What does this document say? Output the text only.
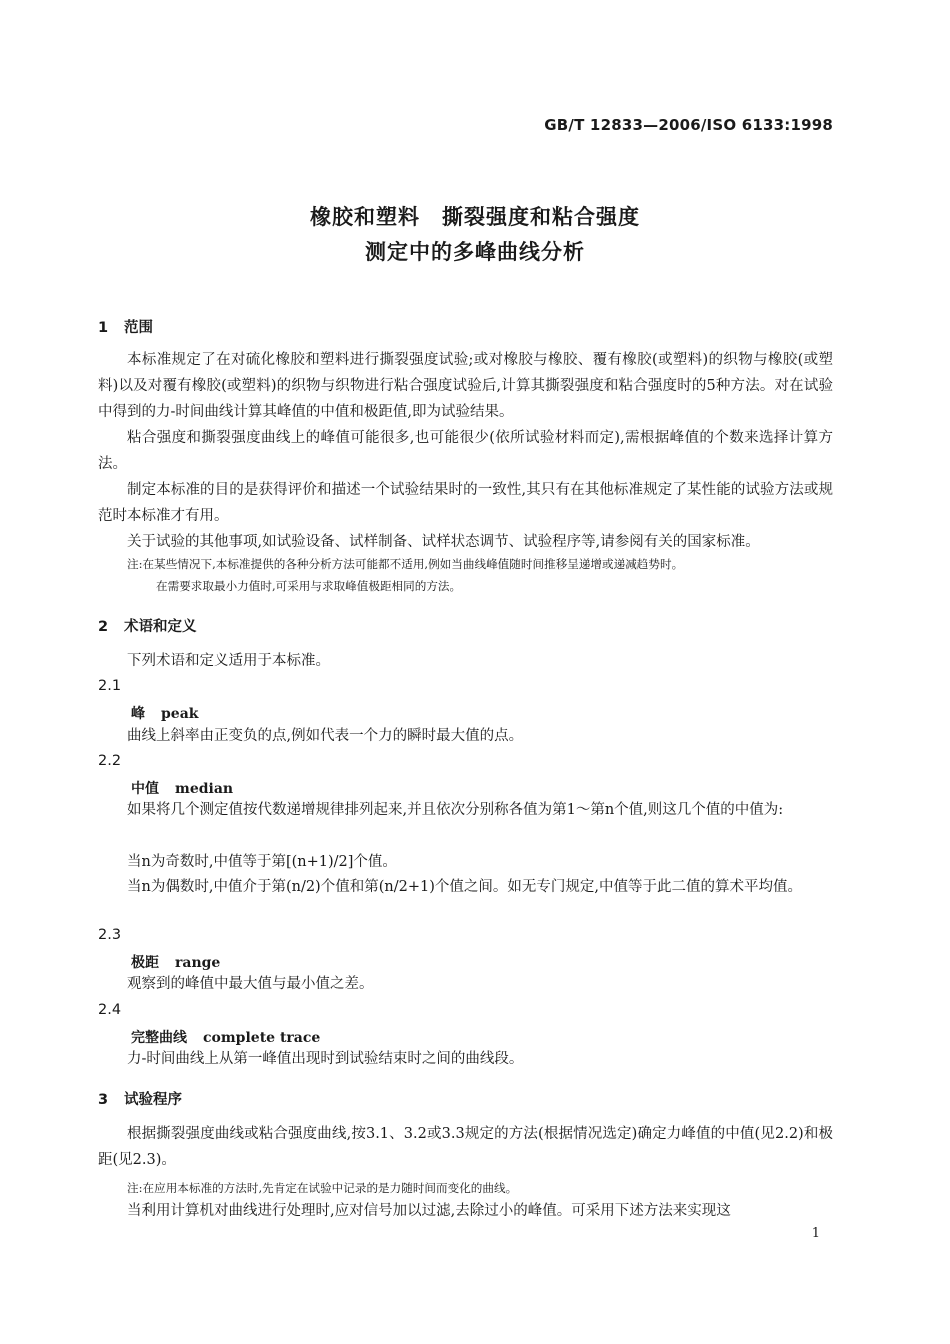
GB/T 12833—2006/ISO 6133:1998
橡胶和塑料　撕裂强度和粘合强度
测定中的多峰曲线分析
1 范围

本标准规定了在对硫化橡胶和塑料进行撕裂强度试验;或对橡胶与橡胶、覆有橡胶(或塑料)的织物与橡胶(或塑料)以及对覆有橡胶(或塑料)的织物与织物进行粘合强度试验后,计算其撕裂强度和粘合强度时的5种方法。对在试验中得到的力-时间曲线计算其峰值的中值和极距值,即为试验结果。

粘合强度和撕裂强度曲线上的峰值可能很多,也可能很少(依所试验材料而定),需根据峰值的个数来选择计算方法。

制定本标准的目的是获得评价和描述一个试验结果时的一致性,其只有在其他标准规定了某性能的试验方法或规范时本标准才有用。

关于试验的其他事项,如试验设备、试样制备、试样状态调节、试验程序等,请参阅有关的国家标准。

注:在某些情况下,本标准提供的各种分析方法可能都不适用,例如当曲线峰值随时间推移呈递增或递减趋势时。
在需要求取最小力值时,可采用与求取峰值极距相同的方法。

2 术语和定义

下列术语和定义适用于本标准。

2.1
峰 peak

曲线上斜率由正变负的点,例如代表一个力的瞬时最大值的点。

2.2
中值 median

如果将几个测定值按代数递增规律排列起来,并且依次分别称各值为第1～第n个值,则这几个值的中值为:

当n为奇数时,中值等于第[(n+1)/2]个值。

当n为偶数时,中值介于第(n/2)个值和第(n/2+1)个值之间。如无专门规定,中值等于此二值的算术平均值。

2.3
极距 range

观察到的峰值中最大值与最小值之差。

2.4
完整曲线 complete trace

力-时间曲线上从第一峰值出现时到试验结束时之间的曲线段。

3 试验程序

根据撕裂强度曲线或粘合强度曲线,按3.1、3.2或3.3规定的方法(根据情况选定)确定力峰值的中值(见2.2)和极距(见2.3)。

注:在应用本标准的方法时,先肯定在试验中记录的是力随时间而变化的曲线。

当利用计算机对曲线进行处理时,应对信号加以过滤,去除过小的峰值。可采用下述方法来实现这

1
